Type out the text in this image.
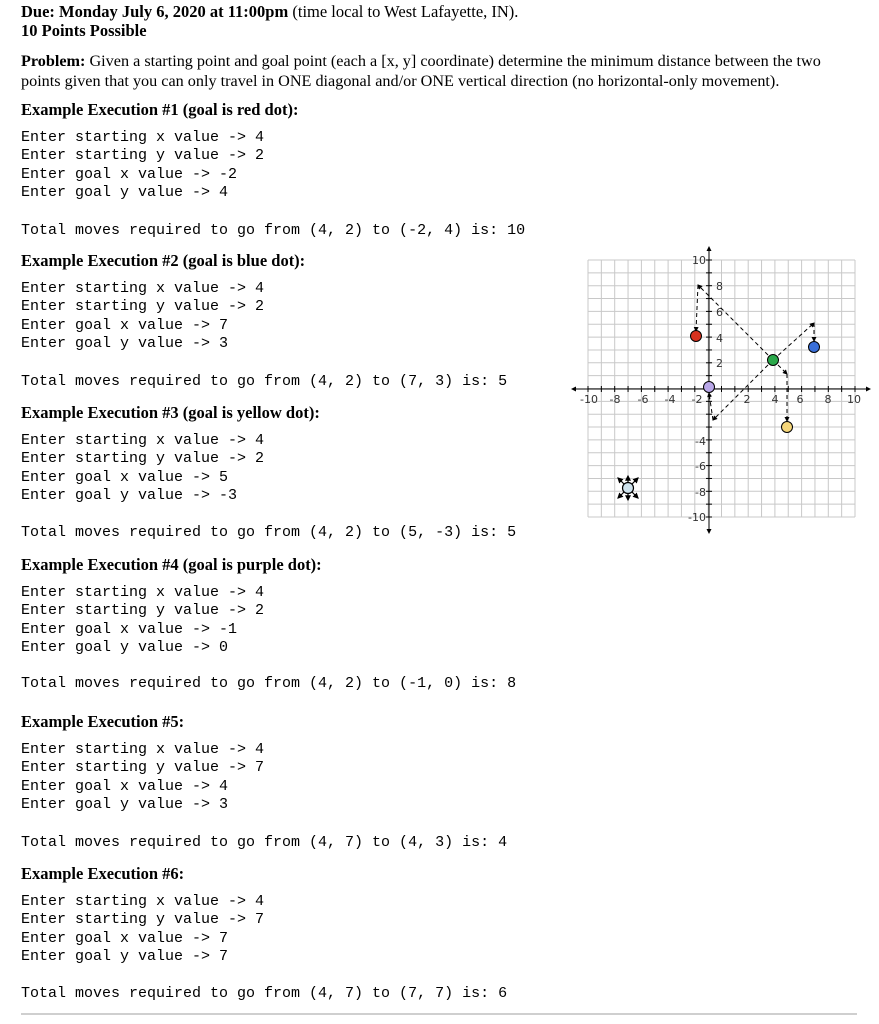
Due: Monday July 6, 2020 at 11:00pm (time local to West Lafayette, IN).
10 Points Possible
Problem: Given a starting point and goal point (each a [x, y] coordinate) determine the minimum distance between the two points given that you can only travel in ONE diagonal and/or ONE vertical direction (no horizontal-only movement).
Example Execution #1 (goal is red dot):
Enter starting x value -> 4
Enter starting y value -> 2
Enter goal x value -> -2
Enter goal y value -> 4
Total moves required to go from (4, 2) to (-2, 4) is: 10
Example Execution #2 (goal is blue dot):
Enter starting x value -> 4
Enter starting y value -> 2
Enter goal x value -> 7
Enter goal y value -> 3
Total moves required to go from (4, 2) to (7, 3) is: 5
Example Execution #3 (goal is yellow dot):
Enter starting x value -> 4
Enter starting y value -> 2
Enter goal x value -> 5
Enter goal y value -> -3
Total moves required to go from (4, 2) to (5, -3) is: 5
Example Execution #4 (goal is purple dot):
Enter starting x value -> 4
Enter starting y value -> 2
Enter goal x value -> -1
Enter goal y value -> 0
Total moves required to go from (4, 2) to (-1, 0) is: 8
Example Execution #5:
Enter starting x value -> 4
Enter starting y value -> 7
Enter goal x value -> 4
Enter goal y value -> 3
Total moves required to go from (4, 7) to (4, 3) is: 4
Example Execution #6:
Enter starting x value -> 4
Enter starting y value -> 7
Enter goal x value -> 7
Enter goal y value -> 7
Total moves required to go from (4, 7) to (7, 7) is: 6
-10 -8 -6 -4 -2	2 4 6 8 10
10
8
6
4
2
-4
-6
-8
-10
